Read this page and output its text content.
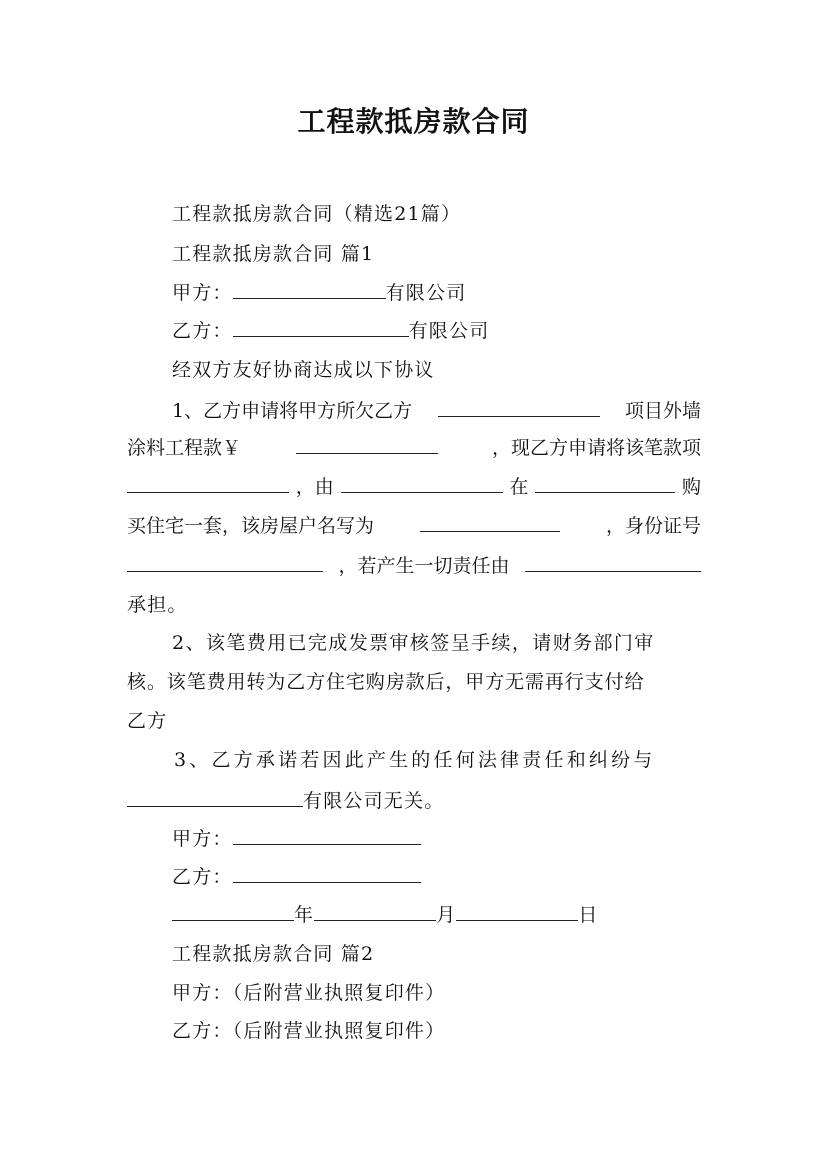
工程款抵房款合同
工程款抵房款合同（精选21篇）
工程款抵房款合同 篇1
甲方：	有限公司
乙方：	有限公司
经双方友好协商达成以下协议
1、乙方申请将甲方所欠乙方	项目外墙
涂料工程款￥	，现乙方申请将该笔款项
，由	在	购
买住宅一套，该房屋户名写为	，身份证号
，若产生一切责任由
承担。
2、该笔费用已完成发票审核签呈手续，请财务部门审
核。该笔费用转为乙方住宅购房款后，甲方无需再行支付给
乙方
3、乙方承诺若因此产生的任何法律责任和纠纷与
有限公司无关。
甲方：
乙方：
年	月	日
工程款抵房款合同 篇2
甲方：（后附营业执照复印件）
乙方：（后附营业执照复印件）
